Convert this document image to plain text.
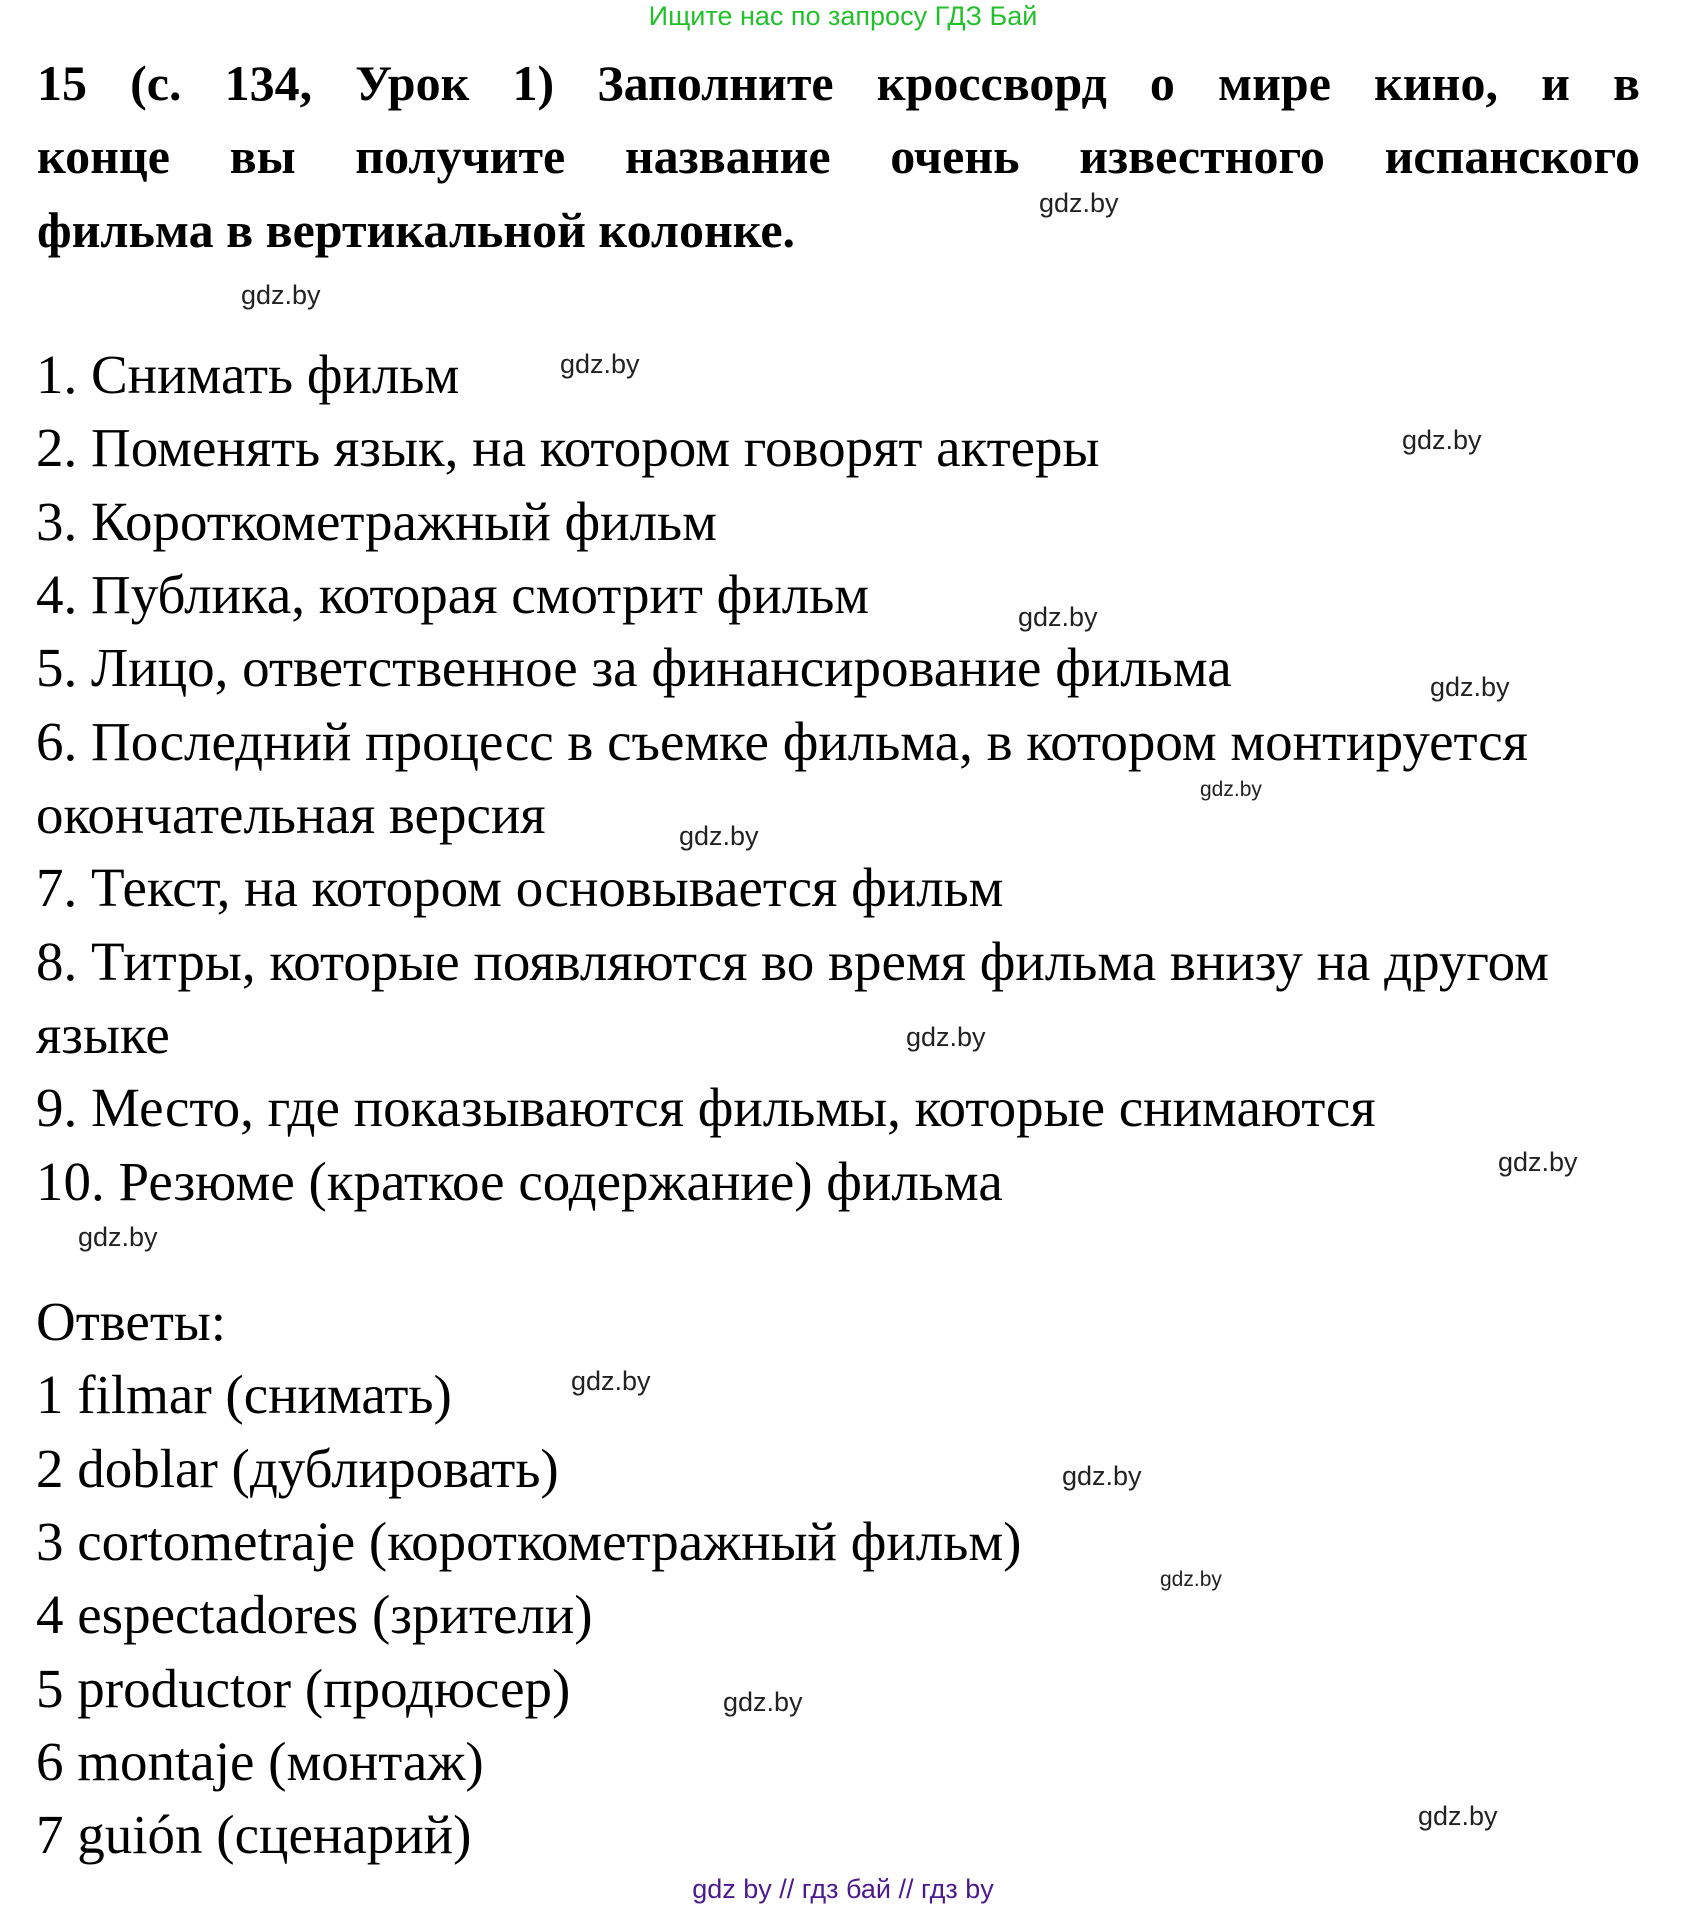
Ищите нас по запросу ГДЗ Бай
15 (с. 134, Урок 1) Заполните кроссворд о мире кино, и в
конце вы получите название очень известного испанского
фильма в вертикальной колонке.
1. Снимать фильм
2. Поменять язык, на котором говорят актеры
3. Короткометражный фильм
4. Публика, которая смотрит фильм
5. Лицо, ответственное за финансирование фильма
6. Последний процесс в съемке фильма, в котором монтируется
окончательная версия
7. Текст, на котором основывается фильм
8. Титры, которые появляются во время фильма внизу на другом
языке
9. Место, где показываются фильмы, которые снимаются
10. Резюме (краткое содержание) фильма
Ответы:
1 filmar (снимать)
2 doblar (дублировать)
3 cortometraje (короткометражный фильм)
4 espectadores (зрители)
5 productor (продюсер)
6 montaje (монтаж)
7 guión (сценарий)
gdz.by
gdz.by
gdz.by
gdz.by
gdz.by
gdz.by
gdz.by
gdz.by
gdz.by
gdz.by
gdz.by
gdz.by
gdz.by
gdz.by
gdz.by
gdz.by
gdz by // гдз бай // гдз by
